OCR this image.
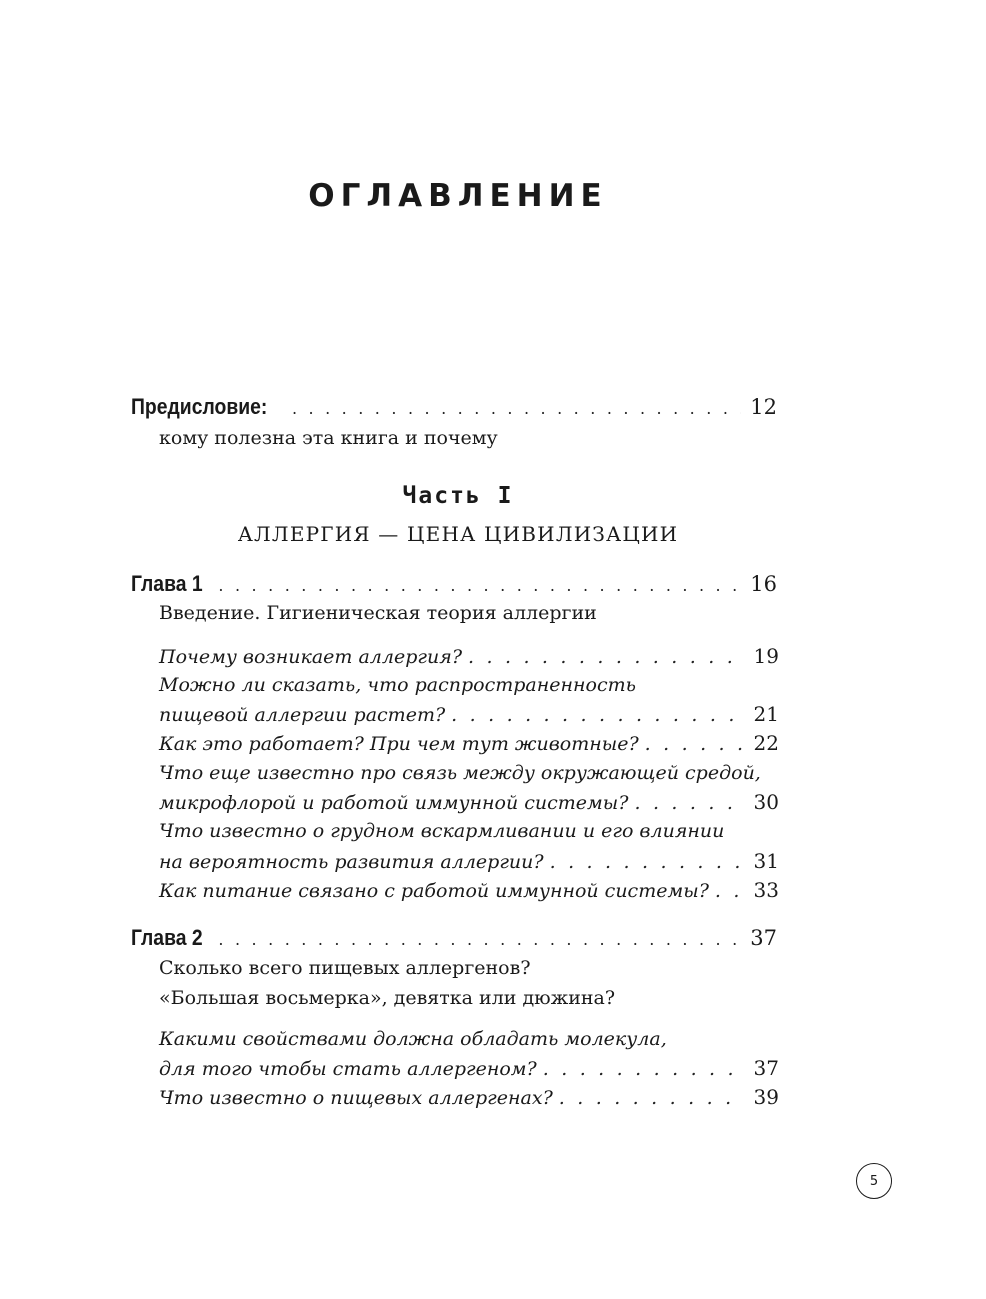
ОГЛАВЛЕНИЕ
Предисловие: . . .	12
кому полезна эта книга и почему
Часть I
АЛЛЕРГИЯ — ЦЕНА ЦИВИЛИЗАЦИИ
Глава 1 . . .	16
Введение. Гигиеническая теория аллергии
Почему возникает аллергия? . . .	19
Можно ли сказать, что распространенность
пищевой аллергии растет? . . .	21
Как это работает? При чем тут животные? . . .	22
Что еще известно про связь между окружающей средой,
микрофлорой и работой иммунной системы? . . .	30
Что известно о грудном вскармливании и его влиянии
на вероятность развития аллергии? . . .	31
Как питание связано с работой иммунной системы? . . . 33
Глава 2 . . .	37
Сколько всего пищевых аллергенов?
«Большая восьмерка», девятка или дюжина?
Какими свойствами должна обладать молекула,
для того чтобы стать аллергеном? . . .	37
Что известно о пищевых аллергенах? . . .	39
5
